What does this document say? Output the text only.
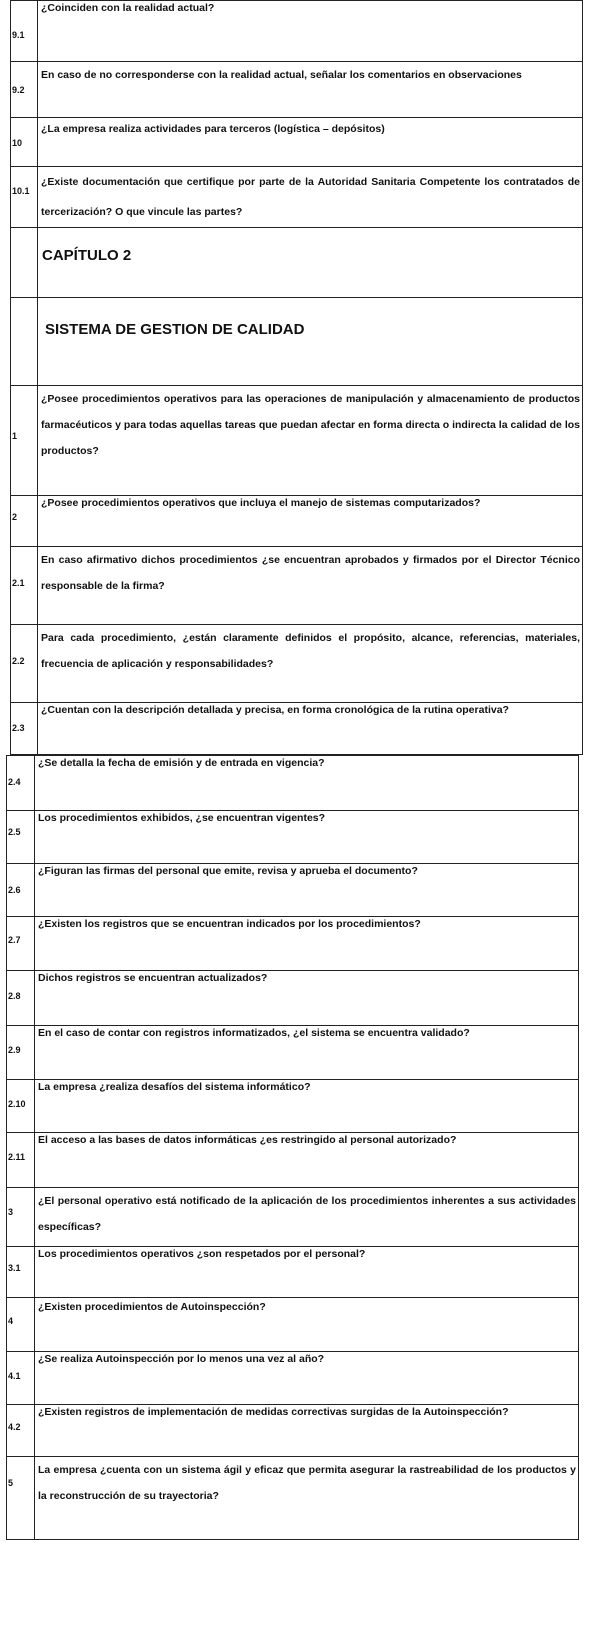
9.1	¿Coinciden con la realidad actual?
9.2	En caso de no corresponderse con la realidad actual, señalar los comentarios en observaciones
10	¿La empresa realiza actividades para terceros (logística – depósitos)
10.1	¿Existe documentación que certifique por parte de la Autoridad Sanitaria Competente los contratados de tercerización? O que vincule las partes?
	CAPÍTULO 2
	SISTEMA DE GESTION DE CALIDAD
1	¿Posee procedimientos operativos para las operaciones de manipulación y almacenamiento de productos farmacéuticos y para todas aquellas tareas que puedan afectar en forma directa o indirecta la calidad de los productos?
2	¿Posee procedimientos operativos que incluya el manejo de sistemas computarizados?
2.1	En caso afirmativo dichos procedimientos ¿se encuentran aprobados y firmados por el Director Técnico responsable de la firma?
2.2	Para cada procedimiento, ¿están claramente definidos el propósito, alcance, referencias, materiales, frecuencia de aplicación y responsabilidades?
2.3	¿Cuentan con la descripción detallada y precisa, en forma cronológica de la rutina operativa?
2.4	¿Se detalla la fecha de emisión y de entrada en vigencia?
2.5	Los procedimientos exhibidos, ¿se encuentran vigentes?
2.6	¿Figuran las firmas del personal que emite, revisa y aprueba el documento?
2.7	¿Existen los registros que se encuentran indicados por los procedimientos?
2.8	Dichos registros se encuentran actualizados?
2.9	En el caso de contar con registros informatizados, ¿el sistema se encuentra validado?
2.10	La empresa ¿realiza desafíos del sistema informático?
2.11	El acceso a las bases de datos informáticas ¿es restringido al personal autorizado?
3	¿El personal operativo está notificado de la aplicación de los procedimientos inherentes a sus actividades específicas?
3.1	Los procedimientos operativos ¿son respetados por el personal?
4	¿Existen procedimientos de Autoinspección?
4.1	¿Se realiza Autoinspección por lo menos una vez al año?
4.2	¿Existen registros de implementación de medidas correctivas surgidas de la Autoinspección?
5	La empresa ¿cuenta con un sistema ágil y eficaz que permita asegurar la rastreabilidad de los productos y la reconstrucción de su trayectoria?
